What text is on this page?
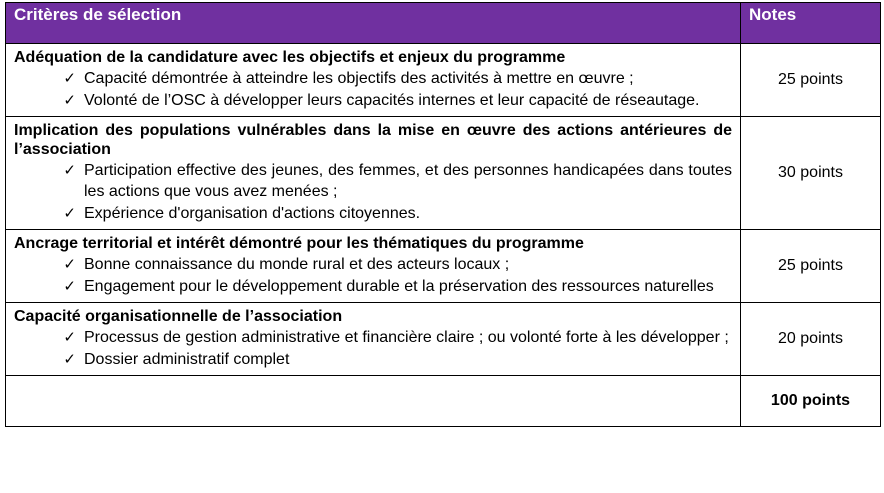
Critères de sélection	Notes

Adéquation de la candidature avec les objectifs et enjeux du programme
✓ Capacité démontrée à atteindre les objectifs des activités à mettre en œuvre ;
✓ Volonté de l’OSC à développer leurs capacités internes et leur capacité de réseautage.	25 points

Implication des populations vulnérables dans la mise en œuvre des actions antérieures de l’association
✓ Participation effective des jeunes, des femmes, et des personnes handicapées dans toutes les actions que vous avez menées ;
✓ Expérience d'organisation d'actions citoyennes.	30 points

Ancrage territorial et intérêt démontré pour les thématiques du programme
✓ Bonne connaissance du monde rural et des acteurs locaux ;
✓ Engagement pour le développement durable et la préservation des ressources naturelles	25 points

Capacité organisationnelle de l’association
✓ Processus de gestion administrative et financière claire ; ou volonté forte à les développer ;
✓ Dossier administratif complet	20 points
	100 points
